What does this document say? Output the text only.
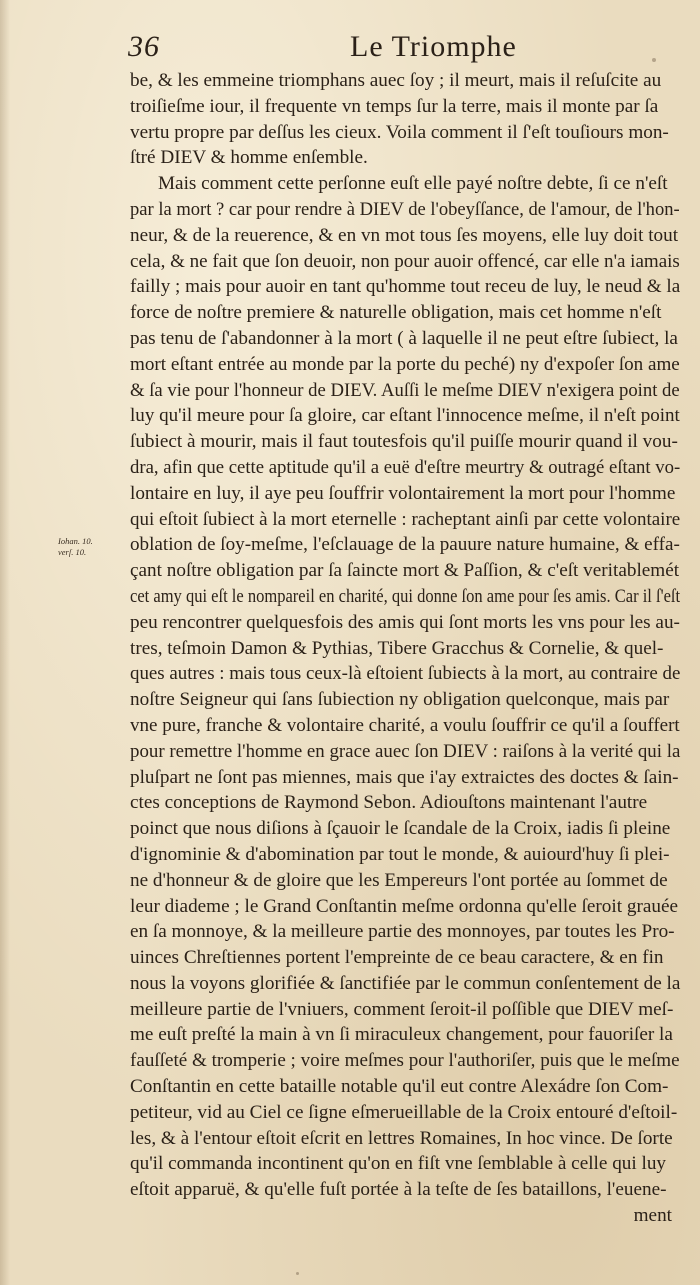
36	Le Triomphe
Iohan. 10.
verſ. 10.
be, & les emmeine triomphans auec ſoy ; il meurt, mais il reſuſcite au
troiſieſme iour, il frequente vn temps ſur la terre, mais il monte par ſa
vertu propre par deſſus les cieux. Voila comment il ſ'eſt touſiours mon-
ſtré DIEV & homme enſemble.
Mais comment cette perſonne euſt elle payé noſtre debte, ſi ce n'eſt
par la mort ? car pour rendre à DIEV de l'obeyſſance, de l'amour, de l'hon-
neur, & de la reuerence, & en vn mot tous ſes moyens, elle luy doit tout
cela, & ne fait que ſon deuoir, non pour auoir offencé, car elle n'a iamais
failly ; mais pour auoir en tant qu'homme tout receu de luy, le neud & la
force de noſtre premiere & naturelle obligation, mais cet homme n'eſt
pas tenu de ſ'abandonner à la mort ( à laquelle il ne peut eſtre ſubiect, la
mort eſtant entrée au monde par la porte du peché) ny d'expoſer ſon ame
& ſa vie pour l'honneur de DIEV. Auſſi le meſme DIEV n'exigera point de
luy qu'il meure pour ſa gloire, car eſtant l'innocence meſme, il n'eſt point
ſubiect à mourir, mais il faut toutesfois qu'il puiſſe mourir quand il vou-
dra, afin que cette aptitude qu'il a euë d'eſtre meurtry & outragé eſtant vo-
lontaire en luy, il aye peu ſouffrir volontairement la mort pour l'homme
qui eſtoit ſubiect à la mort eternelle : racheptant ainſi par cette volontaire
oblation de ſoy-meſme, l'eſclauage de la pauure nature humaine, & effa-
çant noſtre obligation par ſa ſaincte mort & Paſſion, & c'eſt veritablemét
cet amy qui eſt le nompareil en charité, qui donne ſon ame pour ſes amis. Car il ſ'eſt
peu rencontrer quelquesfois des amis qui ſont morts les vns pour les au-
tres, teſmoin Damon & Pythias, Tibere Gracchus & Cornelie, & quel-
ques autres : mais tous ceux-là eſtoient ſubiects à la mort, au contraire de
noſtre Seigneur qui ſans ſubiection ny obligation quelconque, mais par
vne pure, franche & volontaire charité, a voulu ſouffrir ce qu'il a ſouffert
pour remettre l'homme en grace auec ſon DIEV : raiſons à la verité qui la
pluſpart ne ſont pas miennes, mais que i'ay extraictes des doctes & ſain-
ctes conceptions de Raymond Sebon. Adiouſtons maintenant l'autre
poinct que nous diſions à ſçauoir le ſcandale de la Croix, iadis ſi pleine
d'ignominie & d'abomination par tout le monde, & auiourd'huy ſi plei-
ne d'honneur & de gloire que les Empereurs l'ont portée au ſommet de
leur diademe ; le Grand Conſtantin meſme ordonna qu'elle ſeroit grauée
en ſa monnoye, & la meilleure partie des monnoyes, par toutes les Pro-
uinces Chreſtiennes portent l'empreinte de ce beau caractere, & en fin
nous la voyons glorifiée & ſanctifiée par le commun conſentement de la
meilleure partie de l'vniuers, comment ſeroit-il poſſible que DIEV meſ-
me euſt preſté la main à vn ſi miraculeux changement, pour fauoriſer la
fauſſeté & tromperie ; voire meſmes pour l'authoriſer, puis que le meſme
Conſtantin en cette bataille notable qu'il eut contre Alexádre ſon Com-
petiteur, vid au Ciel ce ſigne eſmerueillable de la Croix entouré d'eſtoil-
les, & à l'entour eſtoit eſcrit en lettres Romaines, In hoc vince. De ſorte
qu'il commanda incontinent qu'on en fiſt vne ſemblable à celle qui luy
eſtoit apparuë, & qu'elle fuſt portée à la teſte de ſes bataillons, l'euene-
ment
